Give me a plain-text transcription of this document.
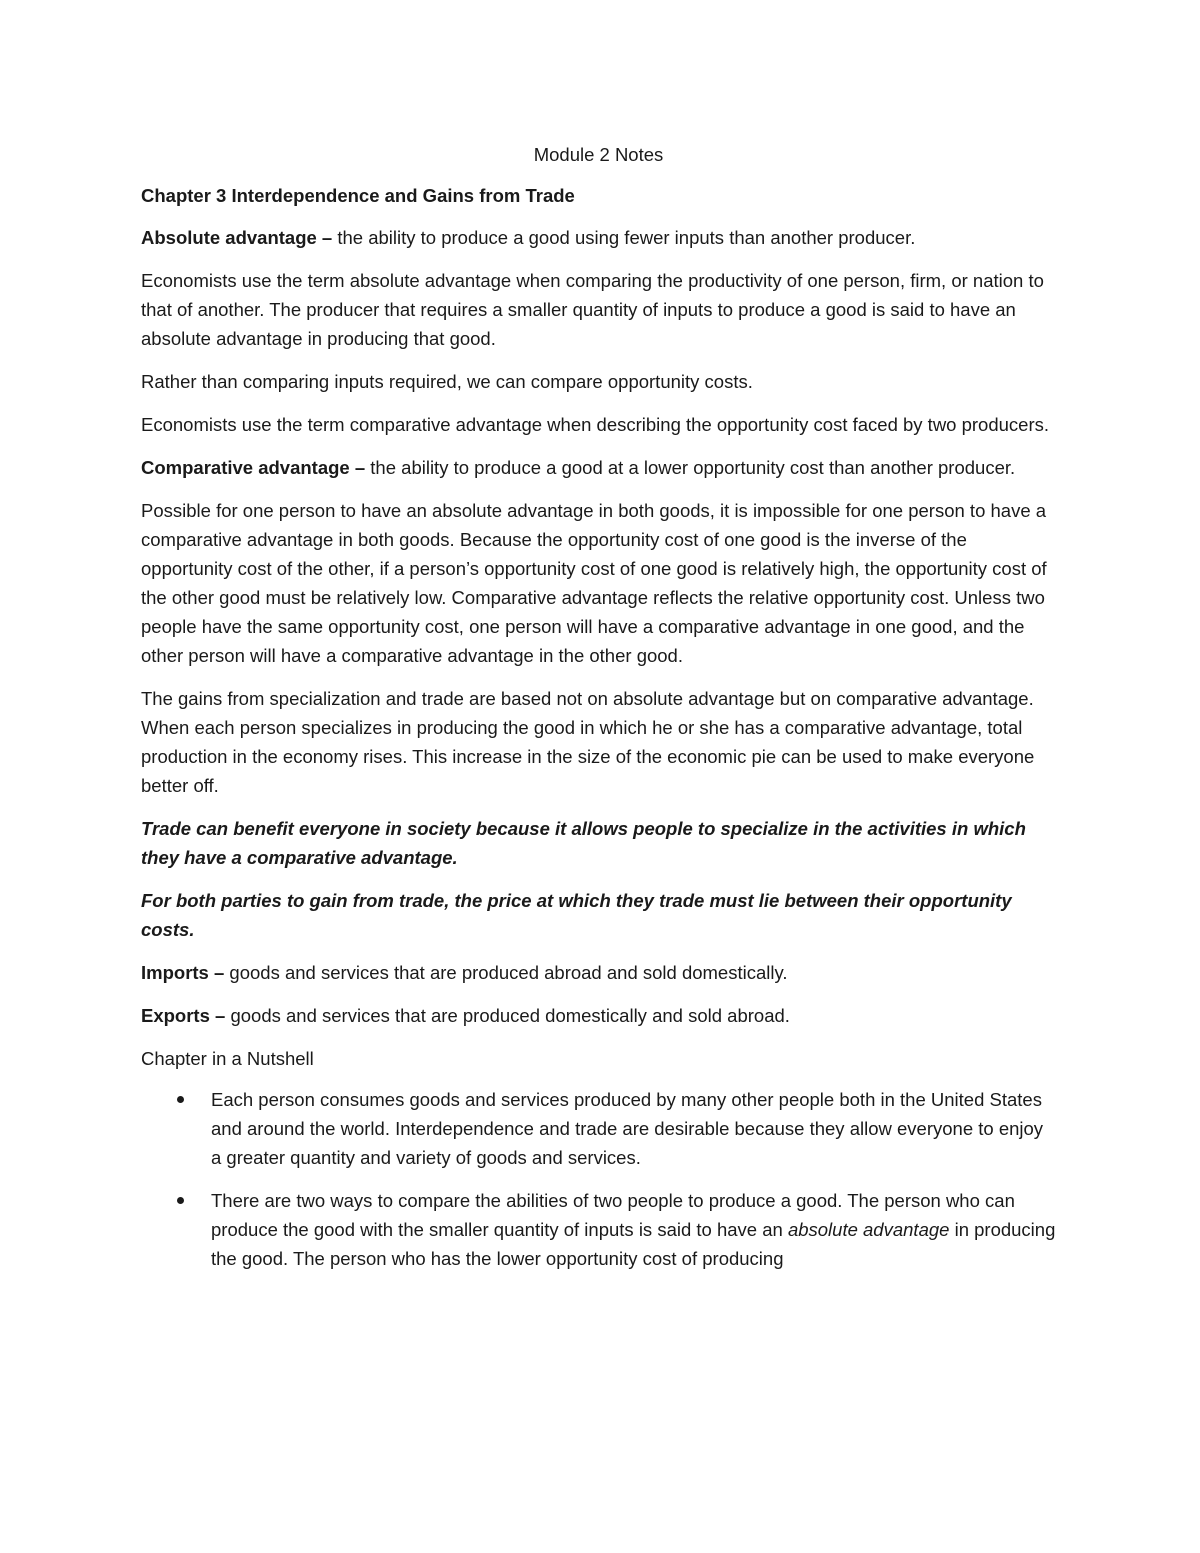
Module 2 Notes
Chapter 3 Interdependence and Gains from Trade

Absolute advantage – the ability to produce a good using fewer inputs than another producer.

Economists use the term absolute advantage when comparing the productivity of one person, firm, or nation to that of another. The producer that requires a smaller quantity of inputs to produce a good is said to have an absolute advantage in producing that good.

Rather than comparing inputs required, we can compare opportunity costs.

Economists use the term comparative advantage when describing the opportunity cost faced by two producers.

Comparative advantage – the ability to produce a good at a lower opportunity cost than another producer.

Possible for one person to have an absolute advantage in both goods, it is impossible for one person to have a comparative advantage in both goods. Because the opportunity cost of one good is the inverse of the opportunity cost of the other, if a person’s opportunity cost of one good is relatively high, the opportunity cost of the other good must be relatively low. Comparative advantage reflects the relative opportunity cost. Unless two people have the same opportunity cost, one person will have a comparative advantage in one good, and the other person will have a comparative advantage in the other good.

The gains from specialization and trade are based not on absolute advantage but on comparative advantage. When each person specializes in producing the good in which he or she has a comparative advantage, total production in the economy rises. This increase in the size of the economic pie can be used to make everyone better off.

Trade can benefit everyone in society because it allows people to specialize in the activities in which they have a comparative advantage.

For both parties to gain from trade, the price at which they trade must lie between their opportunity costs.

Imports – goods and services that are produced abroad and sold domestically.

Exports – goods and services that are produced domestically and sold abroad.

Chapter in a Nutshell
Each person consumes goods and services produced by many other people both in the United States and around the world. Interdependence and trade are desirable because they allow everyone to enjoy a greater quantity and variety of goods and services.
There are two ways to compare the abilities of two people to produce a good. The person who can produce the good with the smaller quantity of inputs is said to have an absolute advantage in producing the good. The person who has the lower opportunity cost of producing
